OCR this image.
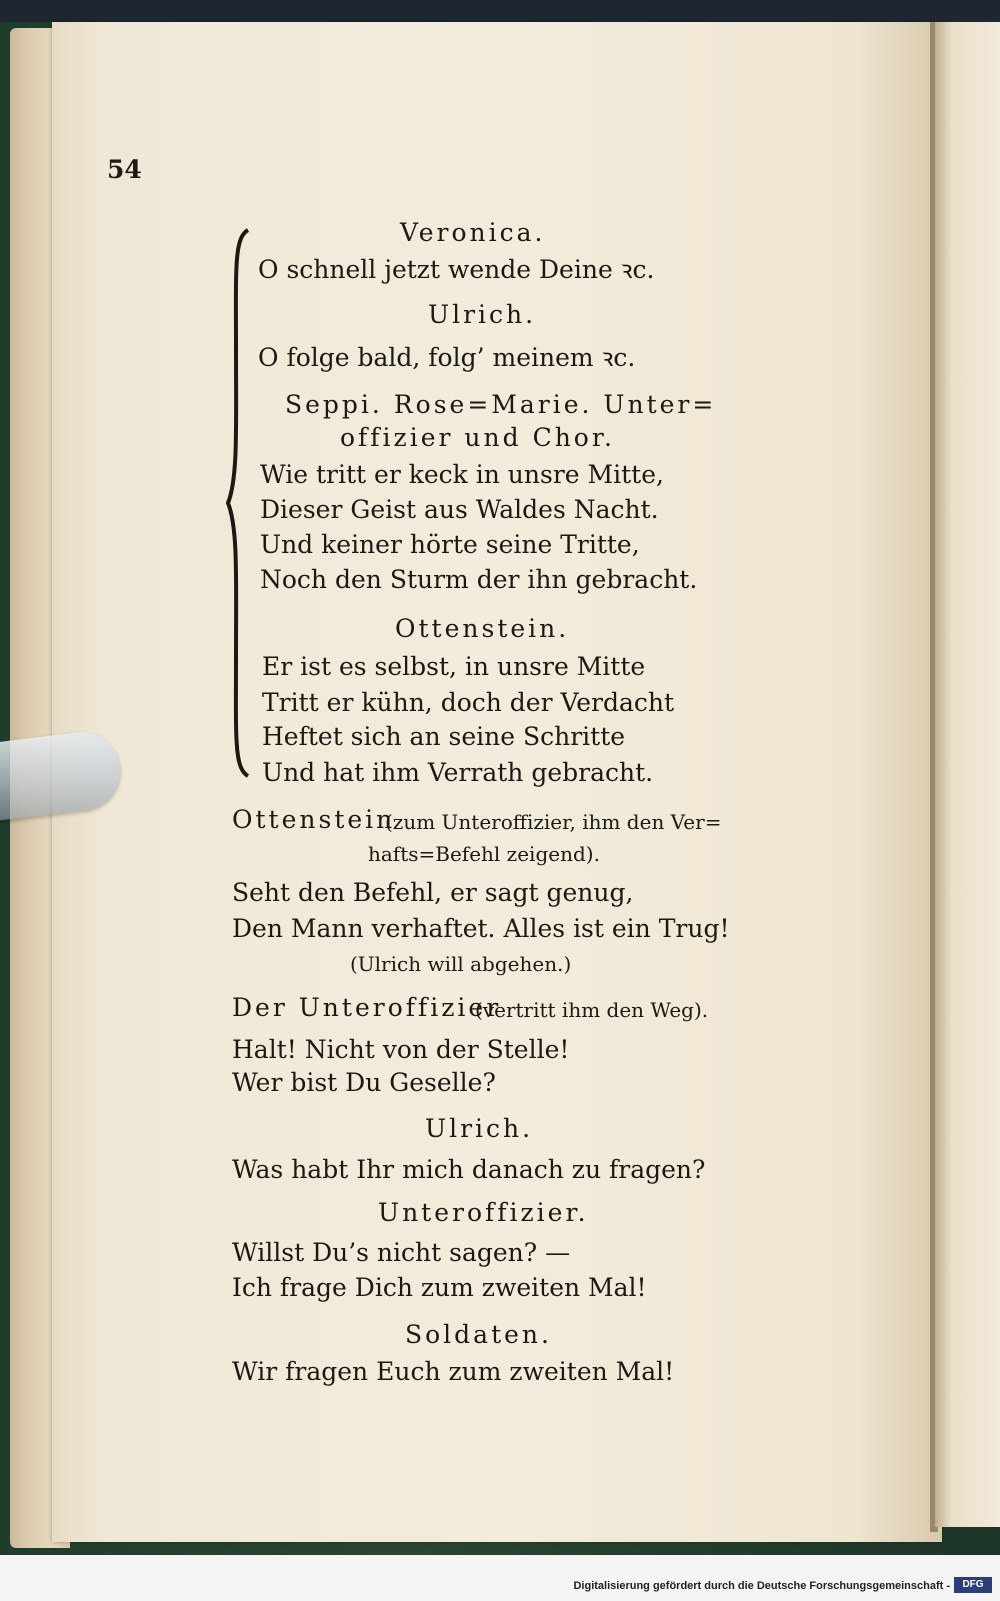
54
Veronica.
O schnell jetzt wende Deine ꝛc.
Ulrich.
O folge bald, folg’ meinem ꝛc.
Seppi. Rose=Marie. Unter=
offizier und Chor.
Wie tritt er keck in unsre Mitte,
Dieser Geist aus Waldes Nacht.
Und keiner hörte seine Tritte,
Noch den Sturm der ihn gebracht.
Ottenstein.
Er ist es selbst, in unsre Mitte
Tritt er kühn, doch der Verdacht
Heftet sich an seine Schritte
Und hat ihm Verrath gebracht.
Ottenstein
(zum Unteroffizier, ihm den Ver=
hafts=Befehl zeigend).
Seht den Befehl, er sagt genug,
Den Mann verhaftet. Alles ist ein Trug!
(Ulrich will abgehen.)
Der Unteroffizier
(vertritt ihm den Weg).
Halt! Nicht von der Stelle!
Wer bist Du Geselle?
Ulrich.
Was habt Ihr mich danach zu fragen?
Unteroffizier.
Willst Du’s nicht sagen? —
Ich frage Dich zum zweiten Mal!
Soldaten.
Wir fragen Euch zum zweiten Mal!
Digitalisierung gefördert durch die Deutsche Forschungsgemeinschaft -	DFG
